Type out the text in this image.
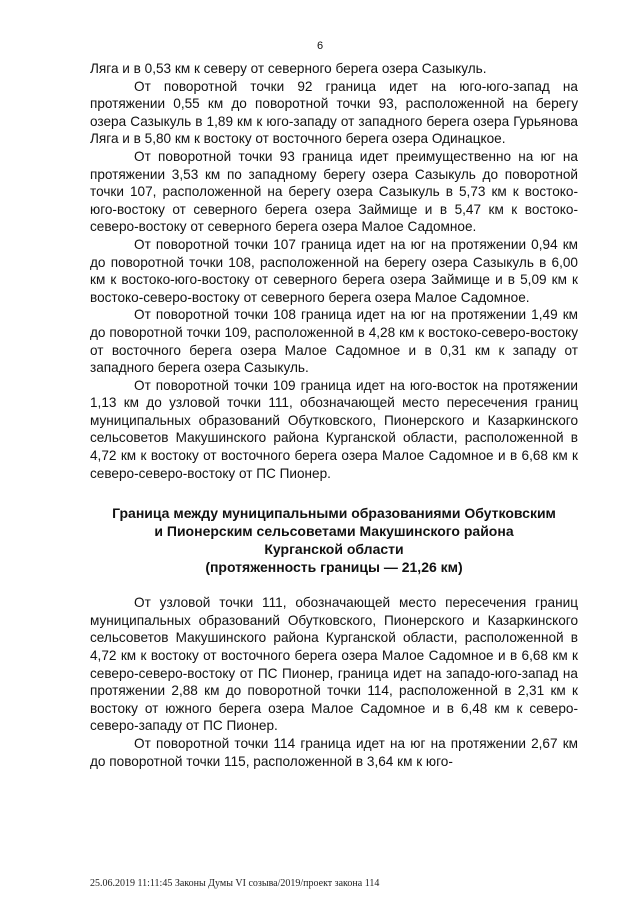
6

Ляга и в 0,53 км к северу от северного берега озера Сазыкуль.

От поворотной точки 92 граница идет на юго-юго-запад на протяжении 0,55 км до поворотной точки 93, расположенной на берегу озера Сазыкуль в 1,89 км к юго-западу от западного берега озера Гурьянова Ляга и в 5,80 км к востоку от восточного берега озера Одинацкое.

От поворотной точки 93 граница идет преимущественно на юг на протяжении 3,53 км по западному берегу озера Сазыкуль до поворотной точки 107, расположенной на берегу озера Сазыкуль в 5,73 км к востоко-юго-востоку от северного берега озера Займище и в 5,47 км к востоко-северо-востоку от северного берега озера Малое Садомное.

От поворотной точки 107 граница идет на юг на протяжении 0,94 км до поворотной точки 108, расположенной на берегу озера Сазыкуль в 6,00 км к востоко-юго-востоку от северного берега озера Займище и в 5,09 км к востоко-северо-востоку от северного берега озера Малое Садомное.

От поворотной точки 108 граница идет на юг на протяжении 1,49 км до поворотной точки 109, расположенной в 4,28 км к востоко-северо-востоку от восточного берега озера Малое Садомное и в 0,31 км к западу от западного берега озера Сазыкуль.

От поворотной точки 109 граница идет на юго-восток на протяжении 1,13 км до узловой точки 111, обозначающей место пересечения границ муниципальных образований Обутковского, Пионерского и Казаркинского сельсоветов Макушинского района Курганской области, расположенной в 4,72 км к востоку от восточного берега озера Малое Садомное и в 6,68 км к северо-северо-востоку от ПС Пионер.

Граница между муниципальными образованиями Обутковским
и Пионерским сельсоветами Макушинского района
Курганской области
(протяженность границы — 21,26 км)

От узловой точки 111, обозначающей место пересечения границ муниципальных образований Обутковского, Пионерского и Казаркинского сельсоветов Макушинского района Курганской области, расположенной в 4,72 км к востоку от восточного берега озера Малое Садомное и в 6,68 км к северо-северо-востоку от ПС Пионер, граница идет на западо-юго-запад на протяжении 2,88 км до поворотной точки 114, расположенной в 2,31 км к востоку от южного берега озера Малое Садомное и в 6,48 км к северо-северо-западу от ПС Пионер.

От поворотной точки 114 граница идет на юг на протяжении 2,67 км до поворотной точки 115, расположенной в 3,64 км к юго-

25.06.2019 11:11:45 Законы Думы VI созыва/2019/проект закона 114
